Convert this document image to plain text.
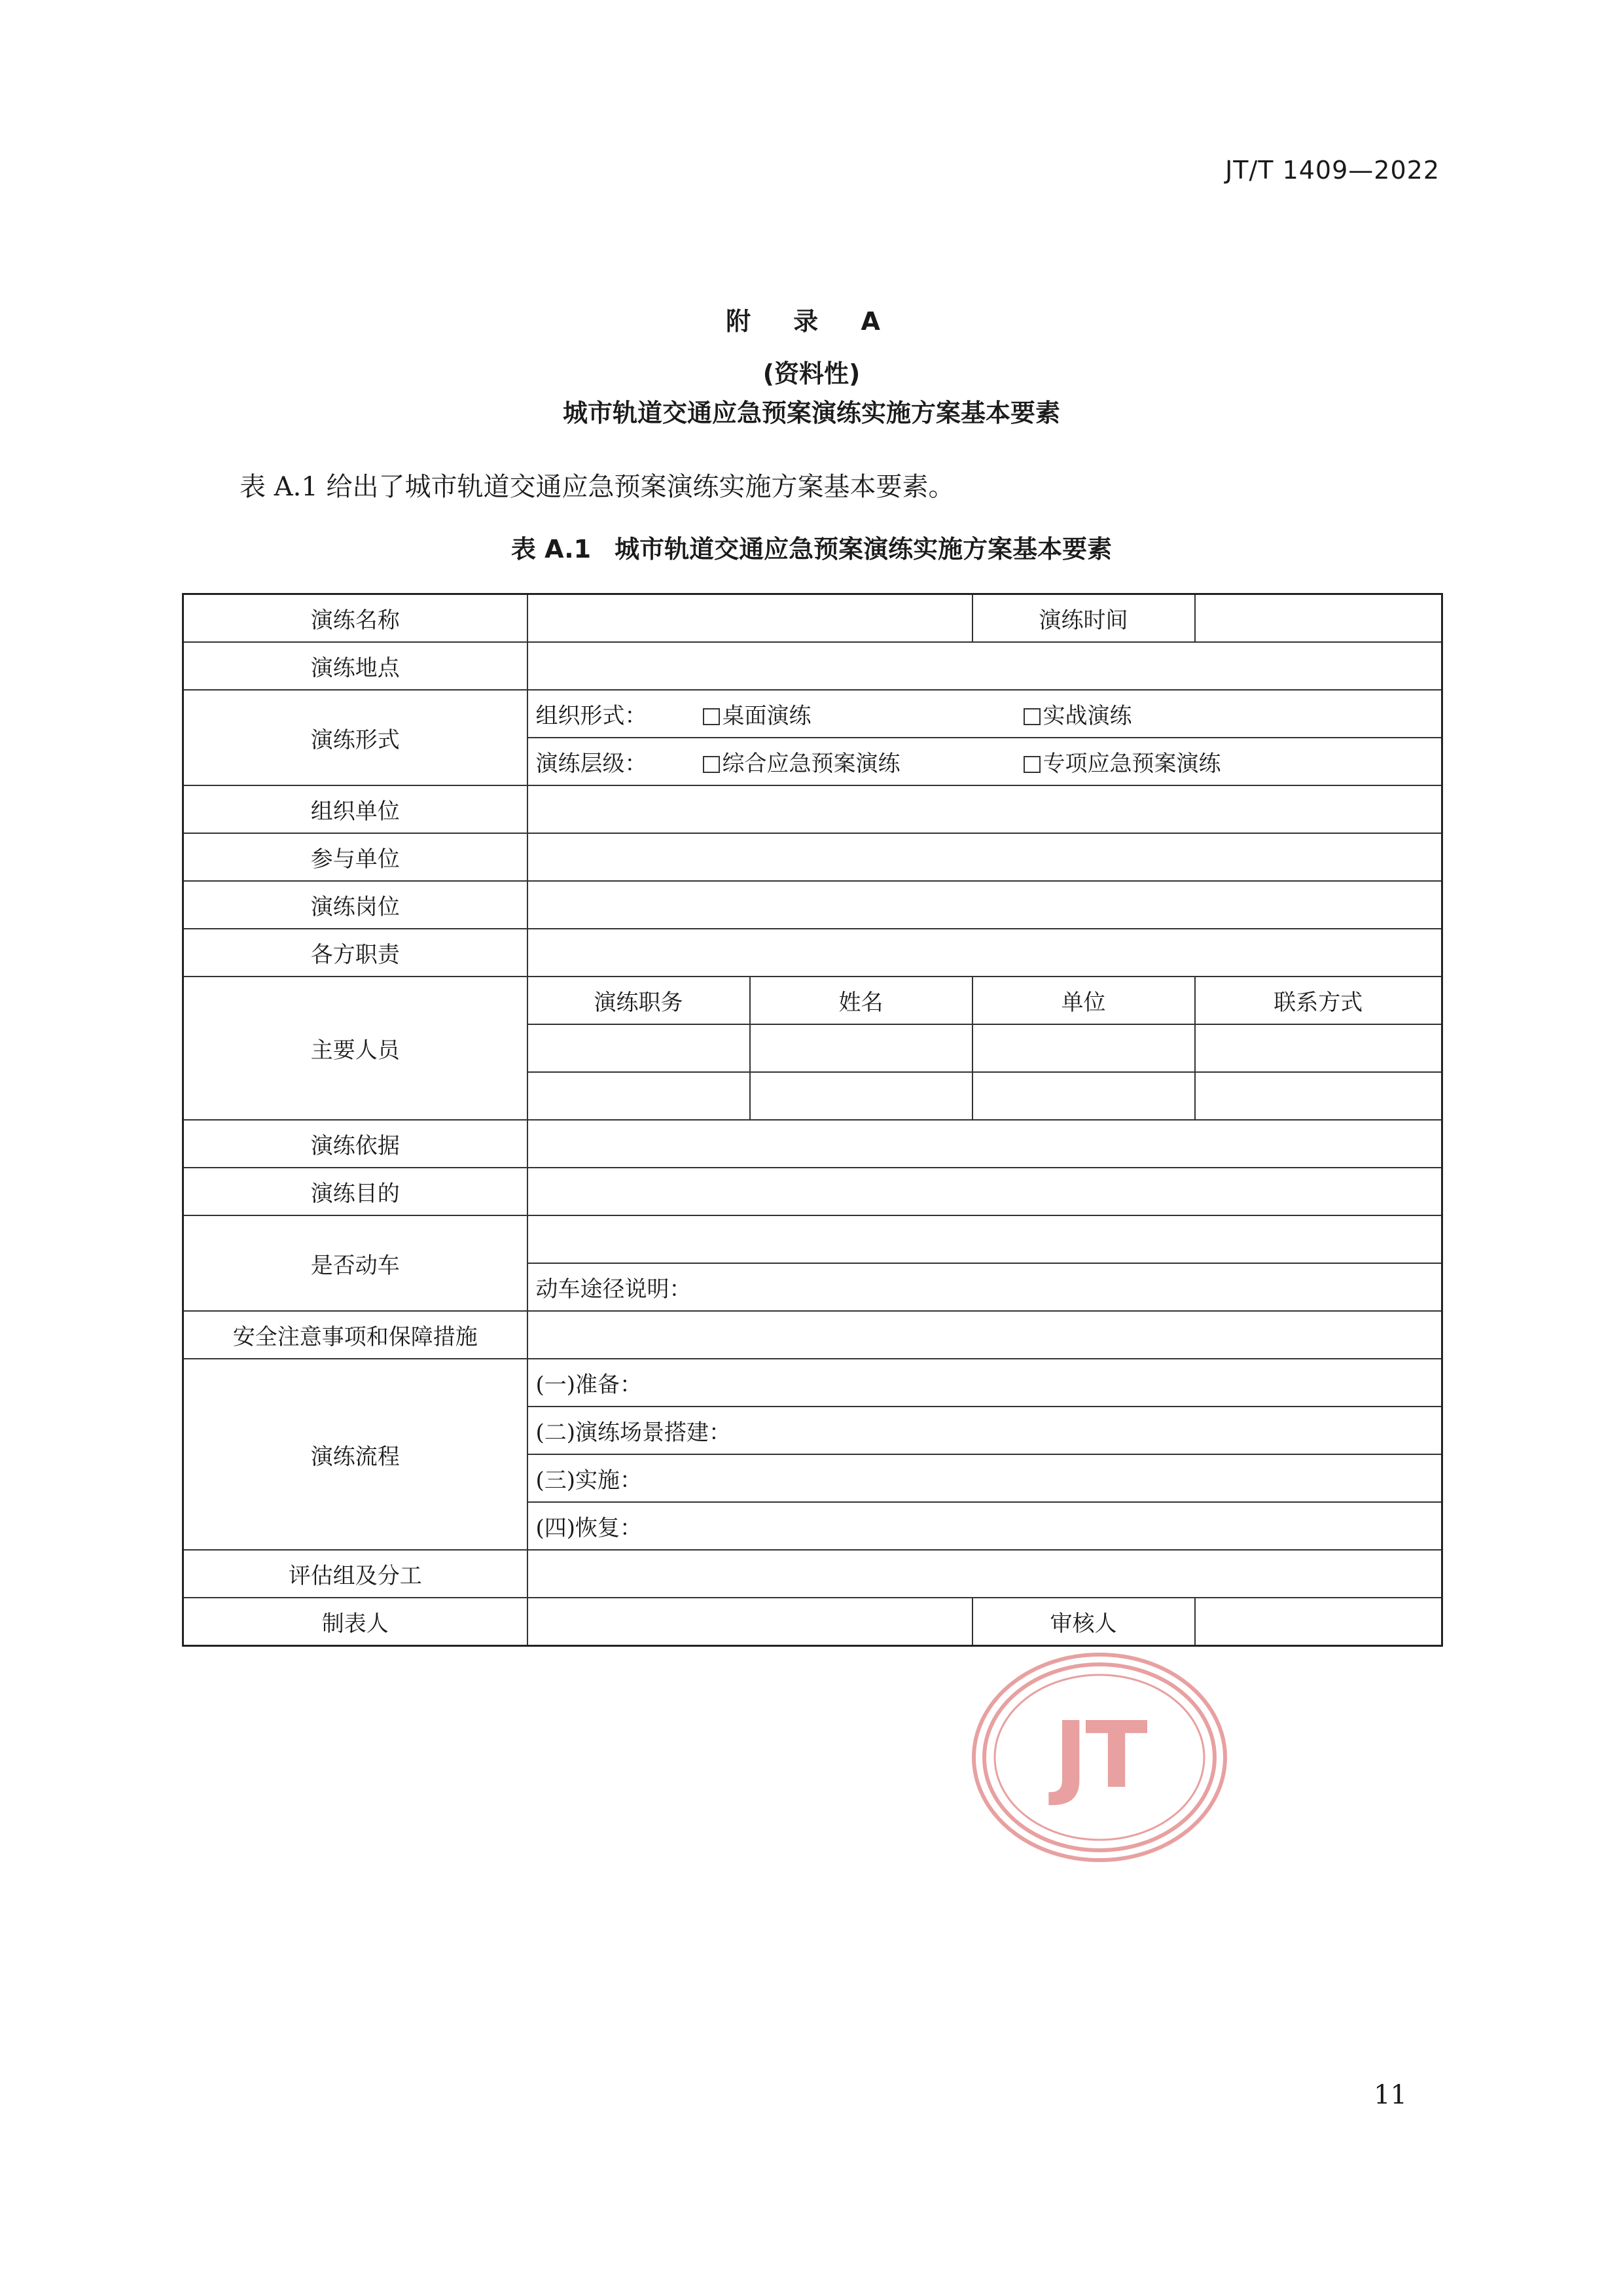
JT/T 1409—2022
附 录 A
(资料性)
城市轨道交通应急预案演练实施方案基本要素
表 A.1 给出了城市轨道交通应急预案演练实施方案基本要素。
表 A.1 城市轨道交通应急预案演练实施方案基本要素
演练名称			演练时间	
演练地点				
演练形式	组织形式： 桌面演练 实战演练			

	演练层级： 综合应急预案演练 专项应急预案演练			

组织单位				
参与单位				
演练岗位				
各方职责				
主要人员	演练职务	姓名	单位	联系方式

演练依据				
演练目的				
是否动车				
	动车途径说明：			
安全注意事项和保障措施				
演练流程	(一)准备：			
	(二)演练场景搭建：			
	(三)实施：			
	(四)恢复：			
评估组及分工				
制表人			审核人	
JT
11
